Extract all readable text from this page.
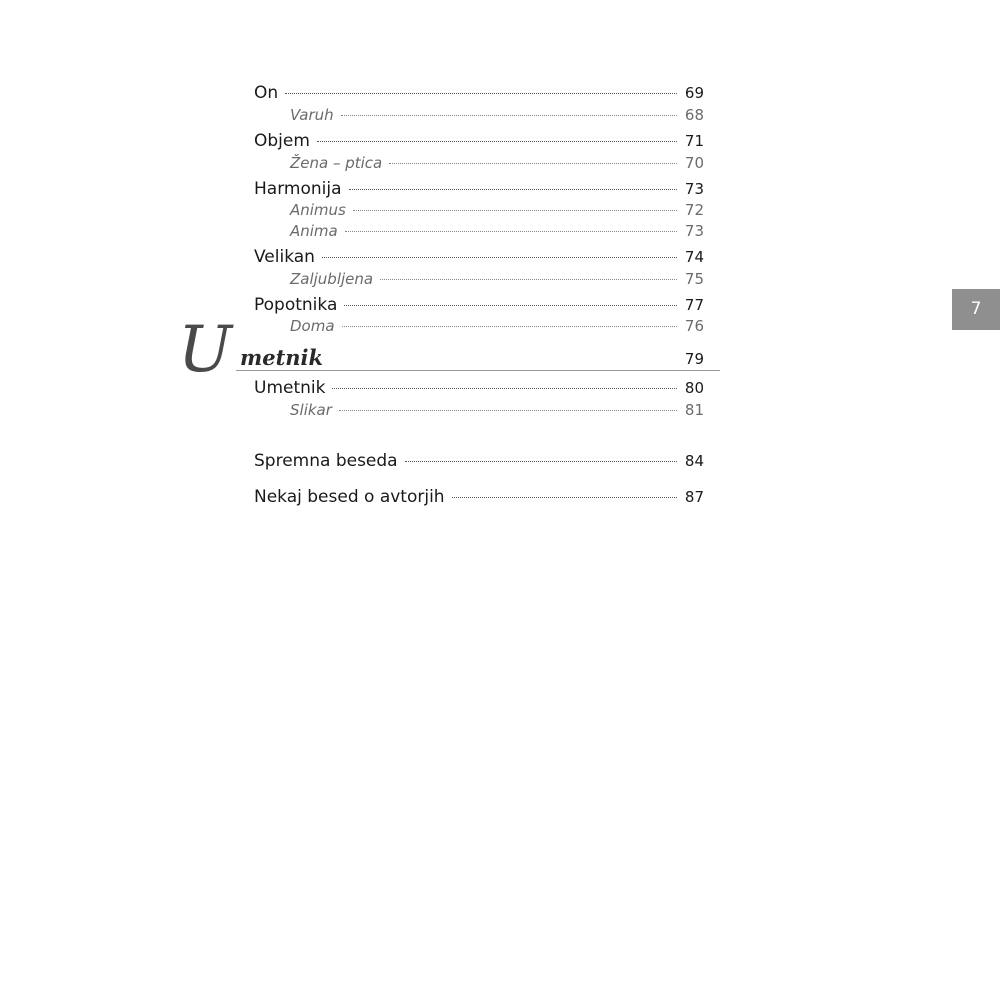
On	69
Varuh	68
Objem	71
Žena – ptica	70
Harmonija	73
Animus	72
Anima	73
Velikan	74
Zaljubljena	75
Popotnika	77
Doma	76
U metnik	79
Umetnik	80
Slikar	81
Spremna beseda	84
Nekaj besed o avtorjih	87
7
